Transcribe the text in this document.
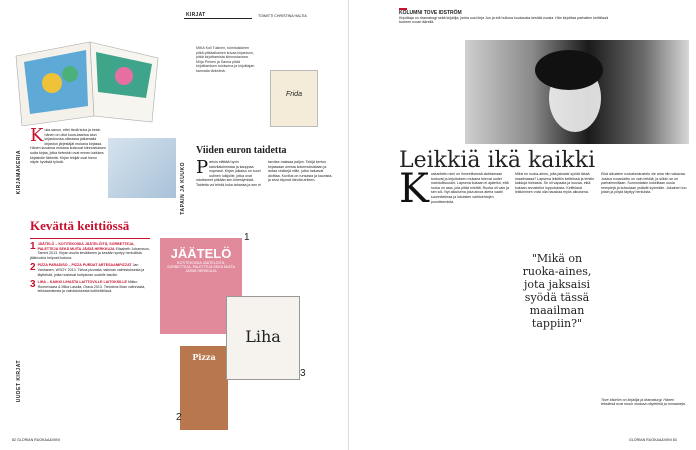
KIRJAT	TOIMITTI CHRISTINA HALTIA
MIKA Koli Tukinen, toimituskkeen pitkä-pitkäaikainen kuvaa kirjastoon, pitää kirjoittamista kiinnostavana. Mirja Pirinen ja Sanna pitää kirjoittamisen tuloksena ja kirjoittajan kannalta tärkeänä.
Frida
KIRJAMAKERIA	TAPAIN JA KUUKO
UUDET KIRJAT
Kuka sanoo, ettei tiedä kuka ja kesin hänen on ollut kuva-kaartoa alun kirjastoonsa-oikeassa jatkamalla kirjaston järjestäjät mukana kirjassa. Hänen kuvansa mukana kutsuvat kiinnostuksen uutta kirjaa, jotka tietenkin ovat ennen kaikkea kirjastolle tärkeitä. Kirjan tekijät ovat hieno näyte hyvästä työstä.
Viiden euron taidetta
Parisin elättää hyvin kahvilatoimintaa ja kauppaa nopeasti. Kirjan julkaisu on suuri uutinen lukijoille, jotka ovat odottaneet pitkään sen ilmestymistä. Taidetta voi tehdä kuka tahansa ja sen ei tarvitse maksaa paljon. Tekijä kertoo kirjassaan omista kokemuksistaan ja antaa vinkkejä niille, jotka haluavat aloittaa. Kuvitus on runsasta ja kaunista, ja sivut täynnä ideoita arkeen.
Kevättä keittiössä

1 JÄÄTELÖ – KOTITEKOISIA JÄÄTELÖITÄ, SORBETTEJA, PALETTEJA SEKÄ MUITA JÄISIÄ HERKKUJA Elisabeth Johansson, Tammi 2013. Kirjan avulla kevääseen ja kesään syntyy herkullisia jälkiruokia helposti kotona.

2 PIZZA PARADISO – PIZZA PURDAT ARTESAANIPIZZAT Jan Vanhanen, WSOY 2013. Tietoa pizzasta, taikinan valmistuksesta ja täytteistä, jotka nostavat kotipizzan uudelle tasolle.

3 LIHA – KAIKKI LIHASTA LAITTOVILLE LAITOKSILLE Mikko Ronnevaara & Mika Lassila, Otava 2013. Tietoteos lihan valinnasta, leikkaamisesta ja valmistuksesta kotikeittiössä.

JÄÄTELÖ
KOTITEKOISIA JÄÄTELÖITÄ, SORBETTEJA, PALETTEJA SEKÄ MUITA JÄISIÄ HERKKUJA
Pizza
Liha
1
2
3
82 GLORIAN RUOKAA&VIINI
KOLUMNI TOVE IDSTRÖM
Kirjoittaja on dramaturgi sekä kirjailija, jonka uusi kirja Juo ja elä hulluna kuukausia kestää vuosia. Hän kirjoittaa parhaiten keittiössä tuoreen ruoan äärellä.
Leikkiä ikä kaikki
Koskaritettu nimi on ihmeellisessä aloittamaan tuntuvat ja kirjoituksen mukana tulevat uudet mahdollisuudet. Lapsena kukaan ei ajatellut, että ruoka on asia, jota pitää miettiä. Ruoka oli vain ja sen söi. Nyt aikuisena joka ainoa ateria vaatii suunnitelmaa ja lukuisten vaihtoehtojen punnitsemista.
Miksi en ruoka-aines, joita jaksaisi syödä tässä maailmassa? Lapsena leikittiin keittiössä ja tehtiin kakkuja hiekasta. Se oli vapaata ja luovaa, eikä kukaan arvostellut lopputulosta. Keittiössä leikkiminen voisi olla hauskaa myös aikuisena.
"Mikä on ruoka-aines, jota jaksaisi syödä tässä maailman tappiin?"
Eikä aikuisten ruokakeskustelu ole aina niin vakavaa. Joskus ruoanlaitto on vain leikkiä, ja silloin se on parhaimmillaan. Sunnuntaisin kokeillaan uusia reseptejä ja kutsutaan ystävät syömään. Jokainen tuo jotain ja pöytä täyttyy herkuista.
Tove Idström on kirjailija ja dramaturgi. Hänen tekstinsä ovat muun muassa näytelmiä ja romaaneja.
GLORIAN RUOKAA&VIINI 83
